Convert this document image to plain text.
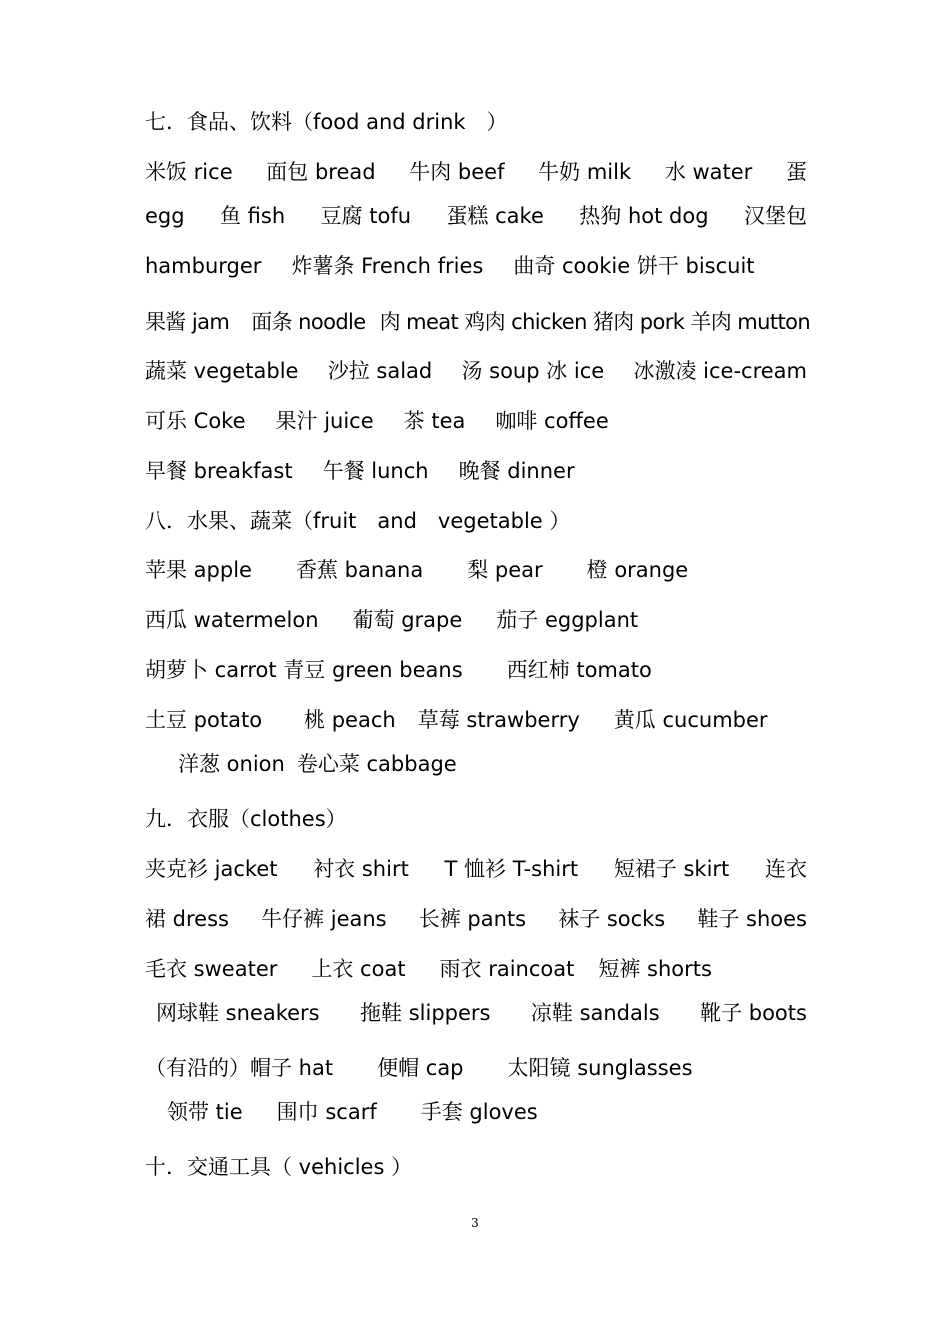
七．食品、饮料（food and drink　）
米饭 rice 面包 bread 牛肉 beef 牛奶 milk 水 water 蛋
egg 鱼 fish 豆腐 tofu 蛋糕 cake 热狗 hot dog 汉堡包
hamburger 炸薯条 French fries 曲奇 cookie 饼干 biscuit
果酱 jam 面条 noodle 肉 meat 鸡肉 chicken 猪肉 pork 羊肉 mutton
蔬菜 vegetable 沙拉 salad 汤 soup 冰 ice 冰激凌 ice-cream
可乐 Coke 果汁 juice 茶 tea 咖啡 coffee
早餐 breakfast 午餐 lunch 晚餐 dinner
八．水果、蔬菜（fruit　and　vegetable ）
苹果 apple 香蕉 banana 梨 pear 橙 orange
西瓜 watermelon 葡萄 grape 茄子 eggplant
胡萝卜 carrot 青豆 green beans 西红柿 tomato
土豆 potato 桃 peach 草莓 strawberry 黄瓜 cucumber
洋葱 onion 卷心菜 cabbage
九．衣服（clothes）
夹克衫 jacket 衬衣 shirt T 恤衫 T-shirt 短裙子 skirt 连衣
裙 dress 牛仔裤 jeans 长裤 pants 袜子 socks 鞋子 shoes
毛衣 sweater 上衣 coat 雨衣 raincoat 短裤 shorts
网球鞋 sneakers 拖鞋 slippers 凉鞋 sandals 靴子 boots
（有沿的）帽子 hat 便帽 cap 太阳镜 sunglasses
领带 tie 围巾 scarf 手套 gloves
十．交通工具（ vehicles ）
3
